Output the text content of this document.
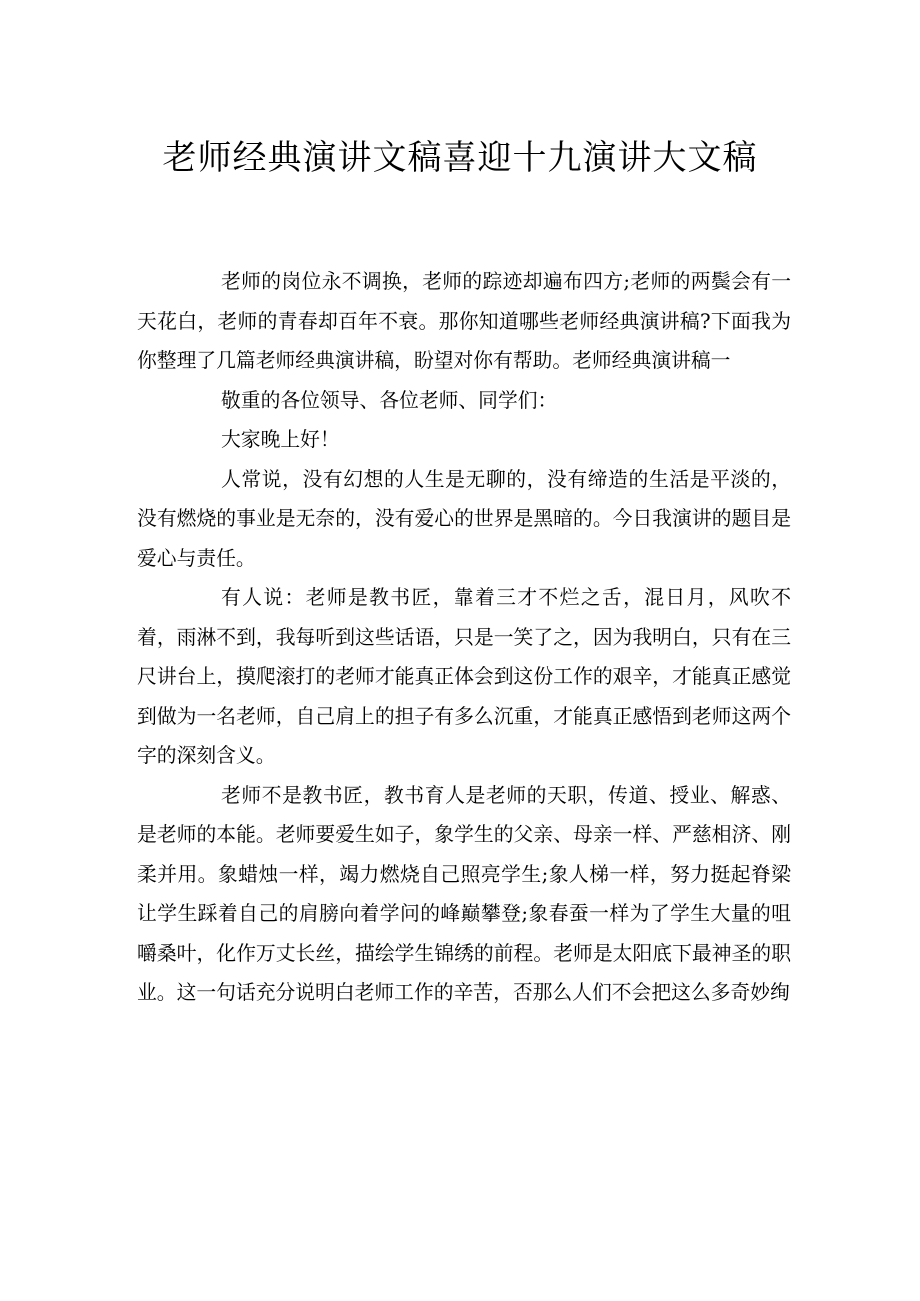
老师经典演讲文稿喜迎十九演讲大文稿

老师的岗位永不调换，老师的踪迹却遍布四方;老师的两鬓会有一天花白，老师的青春却百年不衰。那你知道哪些老师经典演讲稿?下面我为你整理了几篇老师经典演讲稿，盼望对你有帮助。老师经典演讲稿一

敬重的各位领导、各位老师、同学们：

大家晚上好！

人常说，没有幻想的人生是无聊的，没有缔造的生活是平淡的，没有燃烧的事业是无奈的，没有爱心的世界是黑暗的。今日我演讲的题目是爱心与责任。

有人说：老师是教书匠，靠着三才不烂之舌，混日月，风吹不着，雨淋不到，我每听到这些话语，只是一笑了之，因为我明白，只有在三尺讲台上，摸爬滚打的老师才能真正体会到这份工作的艰辛，才能真正感觉到做为一名老师，自己肩上的担子有多么沉重，才能真正感悟到老师这两个字的深刻含义。

老师不是教书匠，教书育人是老师的天职，传道、授业、解惑、是老师的本能。老师要爱生如子，象学生的父亲、母亲一样、严慈相济、刚柔并用。象蜡烛一样，竭力燃烧自己照亮学生;象人梯一样，努力挺起脊梁让学生踩着自己的肩膀向着学问的峰巅攀登;象春蚕一样为了学生大量的咀嚼桑叶，化作万丈长丝，描绘学生锦绣的前程。老师是太阳底下最神圣的职业。这一句话充分说明白老师工作的辛苦，否那么人们不会把这么多奇妙绚
